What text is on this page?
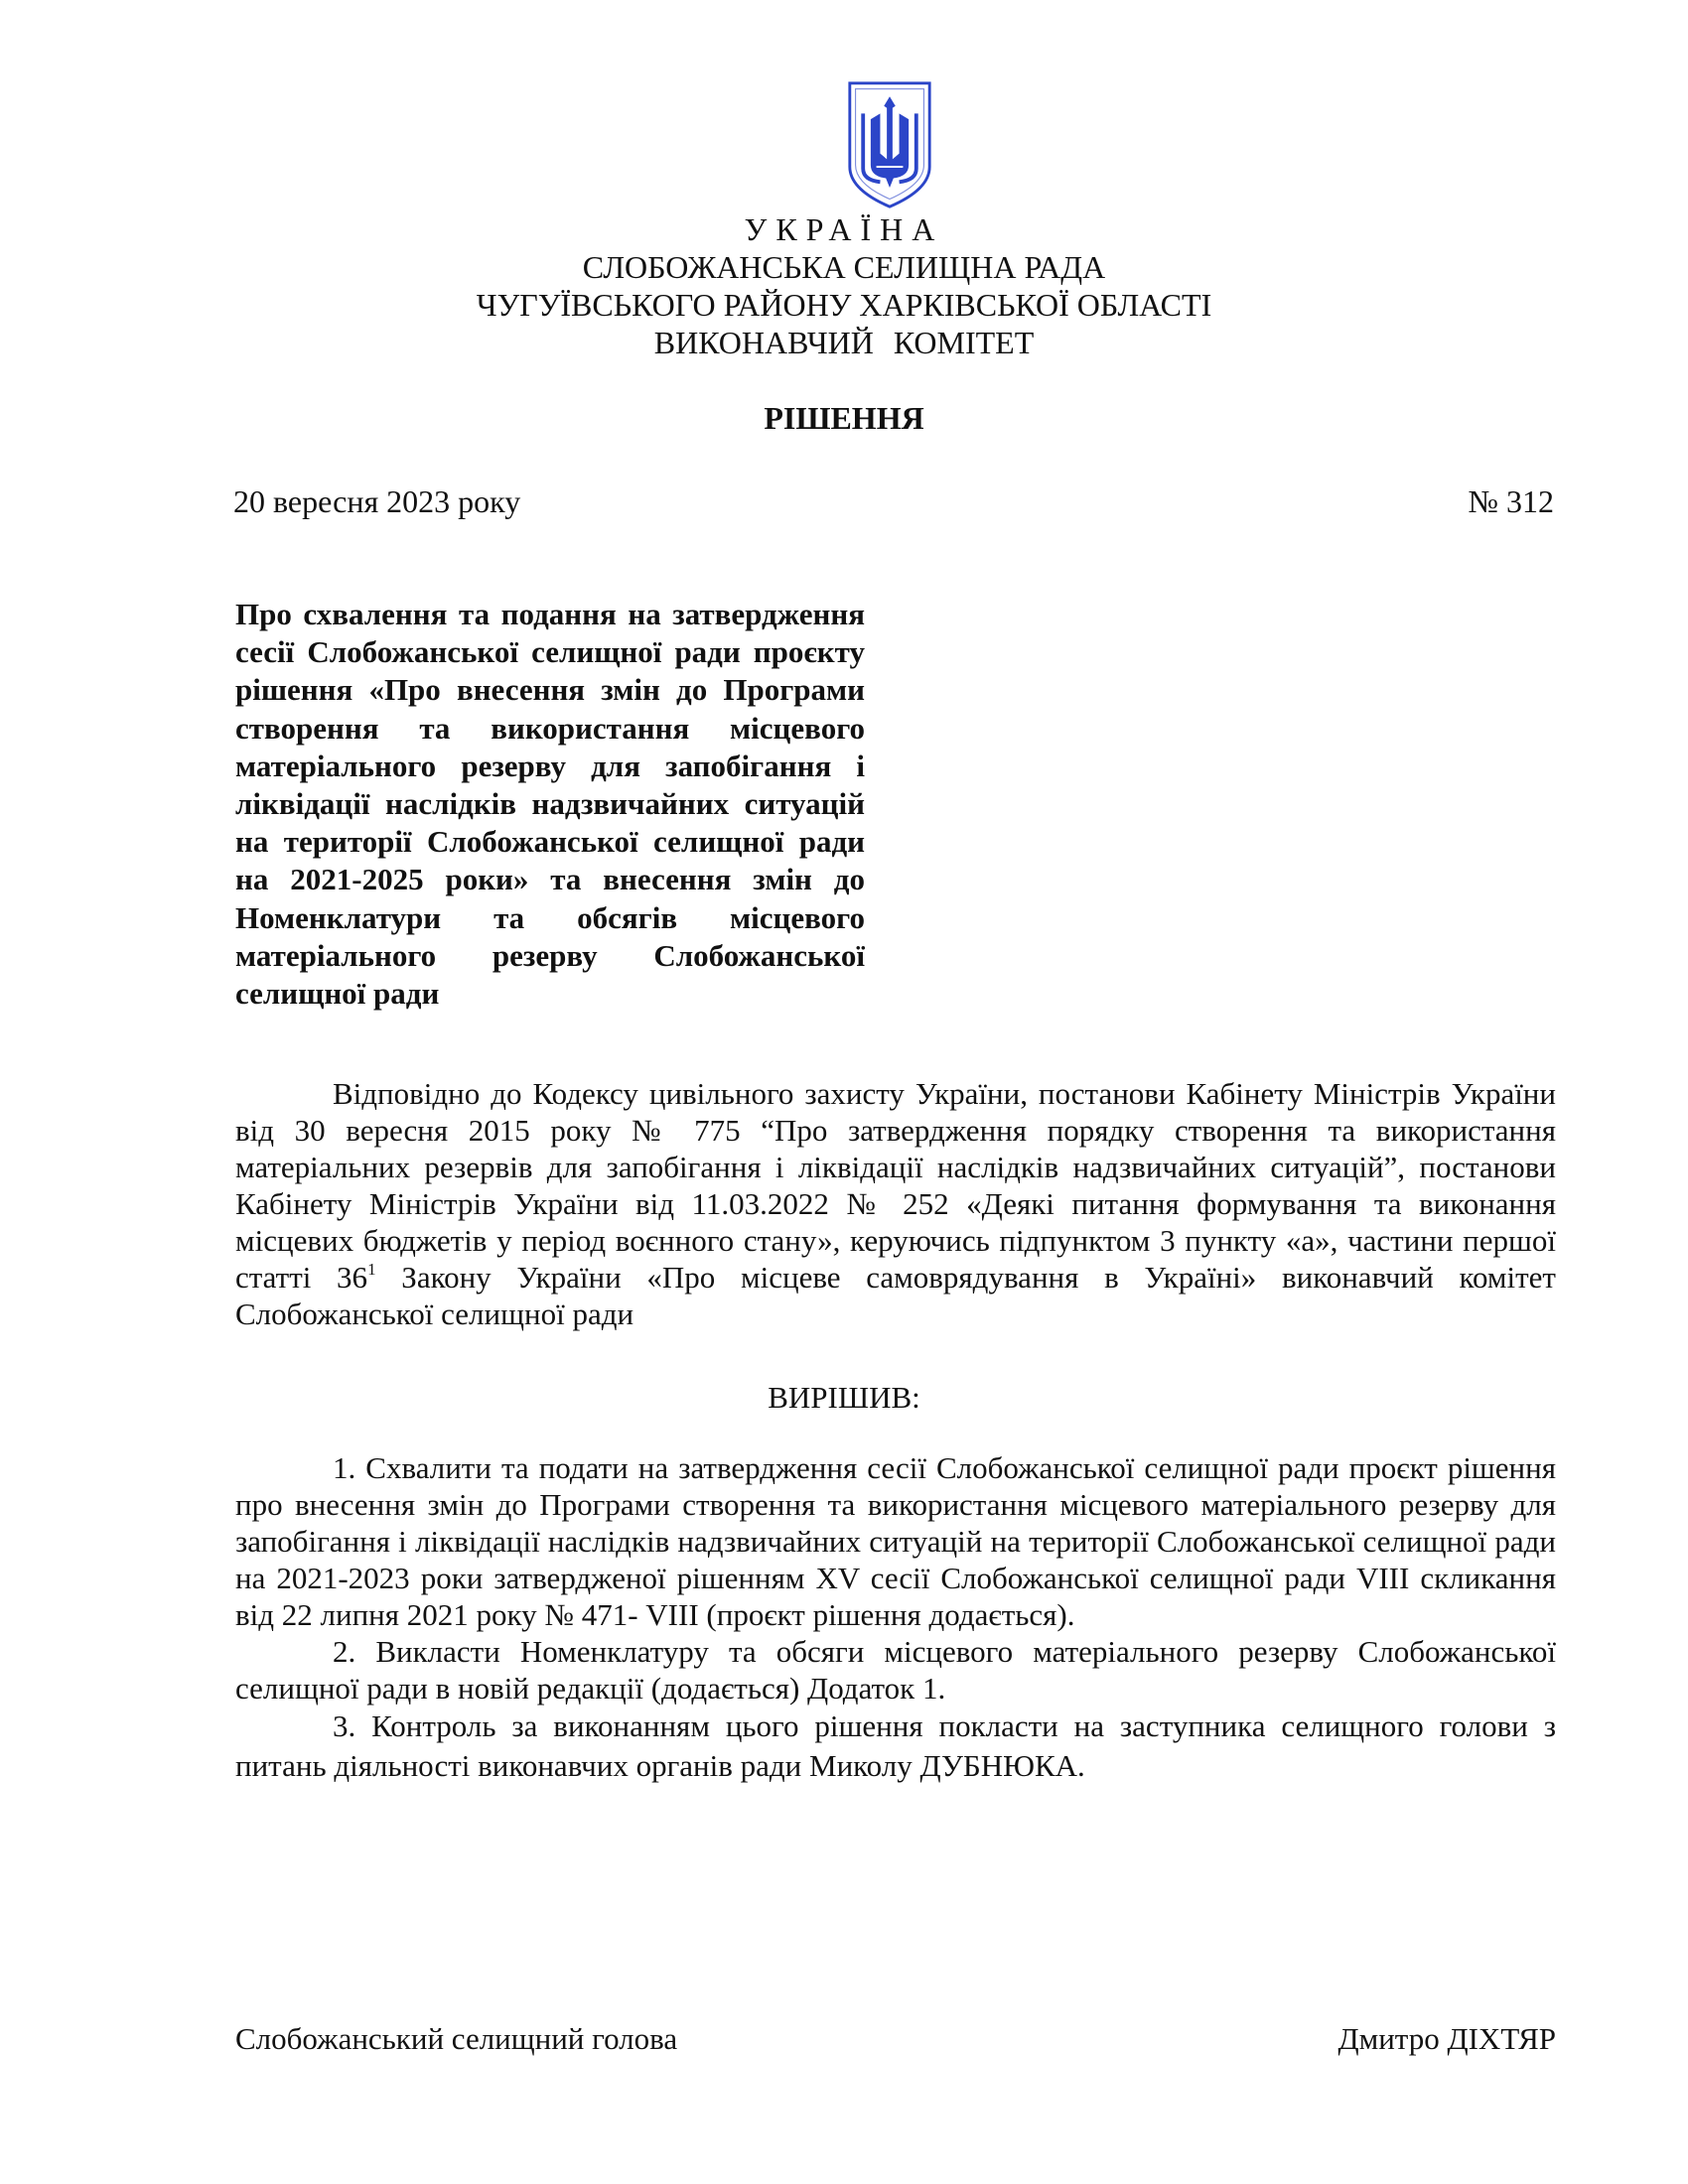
УКРАЇНА
СЛОБОЖАНСЬКА СЕЛИЩНА РАДА
ЧУГУЇВСЬКОГО РАЙОНУ ХАРКІВСЬКОЇ ОБЛАСТІ
ВИКОНАВЧИЙ КОМІТЕТ
РІШЕННЯ
20 вересня 2023 року	№ 312
Про схвалення та подання на затвердження сесії Слобожанської селищної ради проєкту рішення «Про внесення змін до Програми створення та використання місцевого матеріального резерву для запобігання і ліквідації наслідків надзвичайних ситуацій на території Слобожанської селищної ради на 2021-2025 роки» та внесення змін до Номенклатури та обсягів місцевого матеріального резерву Слобожанської селищної ради
Відповідно до Кодексу цивільного захисту України, постанови Кабінету Міністрів України від 30 вересня 2015 року № 775 “Про затвердження порядку створення та використання матеріальних резервів для запобігання і ліквідації наслідків надзвичайних ситуацій”, постанови Кабінету Міністрів України від 11.03.2022 № 252 «Деякі питання формування та виконання місцевих бюджетів у період воєнного стану», керуючись підпунктом 3 пункту «а», частини першої статті $36^1$ Закону України «Про місцеве самоврядування в Україні» виконавчий комітет Слобожанської селищної ради
ВИРІШИВ:

1. Схвалити та подати на затвердження сесії Слобожанської селищної ради проєкт рішення про внесення змін до Програми створення та використання місцевого матеріального резерву для запобігання і ліквідації наслідків надзвичайних ситуацій на території Слобожанської селищної ради на 2021-2023 роки затвердженої рішенням XV сесії Слобожанської селищної ради VIII скликання від 22 липня 2021 року № 471- VIII (проєкт рішення додається).

2. Викласти Номенклатуру та обсяги місцевого матеріального резерву Слобожанської селищної ради в новій редакції (додається) Додаток 1.

3. Контроль за виконанням цього рішення покласти на заступника селищного голови з питань діяльності виконавчих органів ради Миколу ДУБНЮКА.

Слобожанський селищний голова	Дмитро ДІХТЯР
